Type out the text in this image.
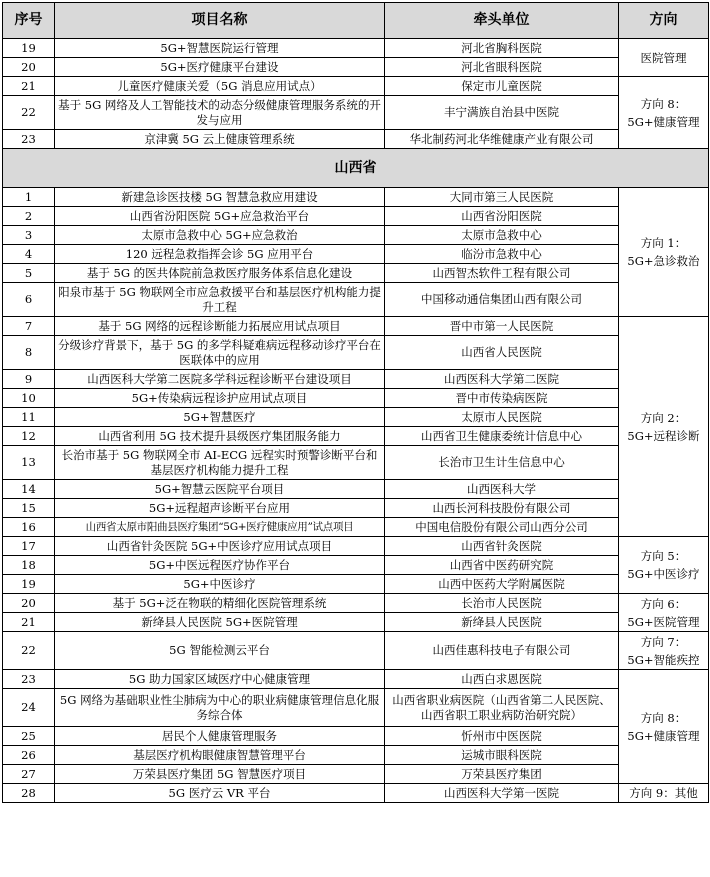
序号	项目名称	牵头单位	方向
19	5G+智慧医院运行管理	河北省胸科医院	医院管理
20	5G+医疗健康平台建设	河北省眼科医院	
21	儿童医疗健康关爱（5G 消息应用试点）	保定市儿童医院	方向 8：5G+健康管理
22	基于 5G 网络及人工智能技术的动态分级健康管理服务系统的开发与应用	丰宁满族自治县中医院	
23	京津冀 5G 云上健康管理系统	华北制药河北华维健康产业有限公司	
山西省			
1	新建急诊医技楼 5G 智慧急救应用建设	大同市第三人民医院	方向 1：5G+急诊救治
2	山西省汾阳医院 5G+应急救治平台	山西省汾阳医院	
3	太原市急救中心 5G+应急救治	太原市急救中心	
4	120 远程急救指挥会诊 5G 应用平台	临汾市急救中心	
5	基于 5G 的医共体院前急救医疗服务体系信息化建设	山西智杰软件工程有限公司	
6	阳泉市基于 5G 物联网全市应急救援平台和基层医疗机构能力提升工程	中国移动通信集团山西有限公司	
7	基于 5G 网络的远程诊断能力拓展应用试点项目	晋中市第一人民医院	方向 2：5G+远程诊断
8	分级诊疗背景下，基于 5G 的多学科疑难病远程移动诊疗平台在医联体中的应用	山西省人民医院	
9	山西医科大学第二医院多学科远程诊断平台建设项目	山西医科大学第二医院	
10	5G+传染病远程诊护应用试点项目	晋中市传染病医院	
11	5G+智慧医疗	太原市人民医院	
12	山西省利用 5G 技术提升县级医疗集团服务能力	山西省卫生健康委统计信息中心	
13	长治市基于 5G 物联网全市 AI-ECG 远程实时预警诊断平台和基层医疗机构能力提升工程	长治市卫生计生信息中心	
14	5G+智慧云医院平台项目	山西医科大学	
15	5G+远程超声诊断平台应用	山西长河科技股份有限公司	
16	山西省太原市阳曲县医疗集团“5G+医疗健康应用”试点项目	中国电信股份有限公司山西分公司	
17	山西省针灸医院 5G+中医诊疗应用试点项目	山西省针灸医院	方向 5：5G+中医诊疗
18	5G+中医远程医疗协作平台	山西省中医药研究院	
19	5G+中医诊疗	山西中医药大学附属医院	
20	基于 5G+泛在物联的精细化医院管理系统	长治市人民医院	方向 6：5G+医院管理
21	新绛县人民医院 5G+医院管理	新绛县人民医院	
22	5G 智能检测云平台	山西佳惠科技电子有限公司	方向 7：5G+智能疾控
23	5G 助力国家区域医疗中心健康管理	山西白求恩医院	方向 8：5G+健康管理
24	5G 网络为基础职业性尘肺病为中心的职业病健康管理信息化服务综合体	山西省职业病医院（山西省第二人民医院、山西省职工职业病防治研究院）	
25	居民个人健康管理服务	忻州市中医医院	
26	基层医疗机构眼健康智慧管理平台	运城市眼科医院	
27	万荣县医疗集团 5G 智慧医疗项目	万荣县医疗集团	
28	5G 医疗云 VR 平台	山西医科大学第一医院	方向 9：其他
